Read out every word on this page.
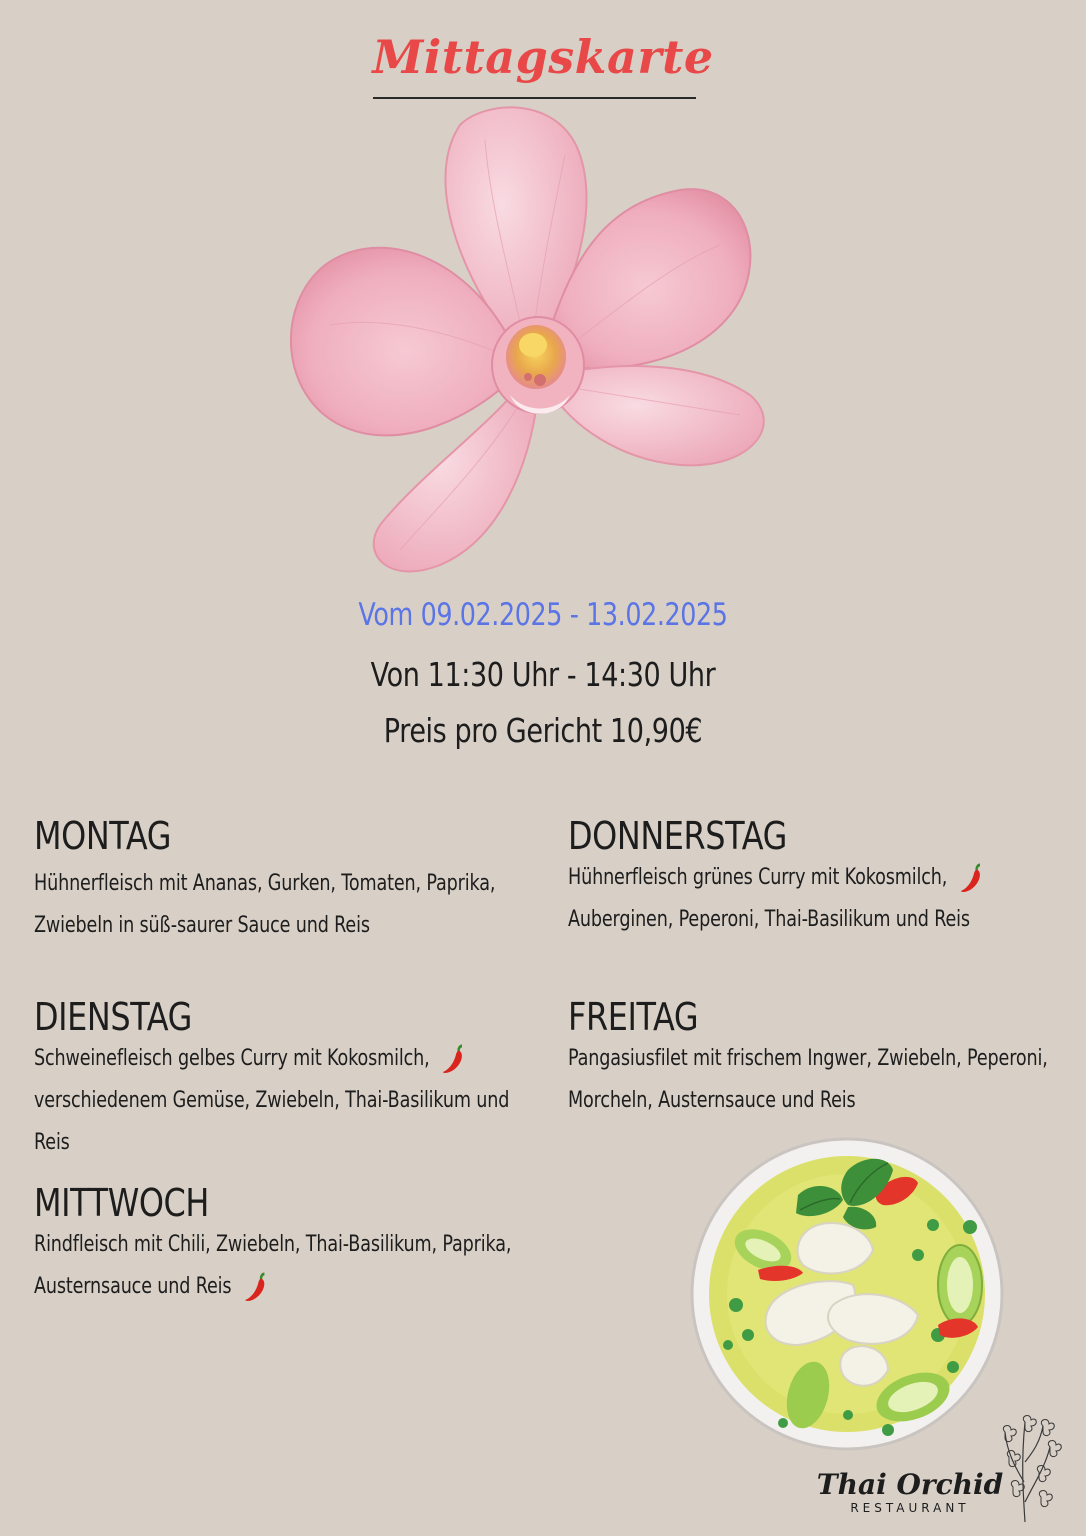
Mittagskarte
Vom 09.02.2025 - 13.02.2025
Von 11:30 Uhr - 14:30 Uhr
Preis pro Gericht 10,90€
MONTAG
Hühnerfleisch mit Ananas, Gurken, Tomaten, Paprika,
Zwiebeln in süß-saurer Sauce und Reis
DIENSTAG
Schweinefleisch gelbes Curry mit Kokosmilch,
verschiedenem Gemüse, Zwiebeln, Thai-Basilikum und
Reis
MITTWOCH
Rindfleisch mit Chili, Zwiebeln, Thai-Basilikum, Paprika,
Austernsauce und Reis
DONNERSTAG
Hühnerfleisch grünes Curry mit Kokosmilch,
Auberginen, Peperoni, Thai-Basilikum und Reis
FREITAG
Pangasiusfilet mit frischem Ingwer, Zwiebeln, Peperoni,
Morcheln, Austernsauce und Reis
Thai Orchid
RESTAURANT
